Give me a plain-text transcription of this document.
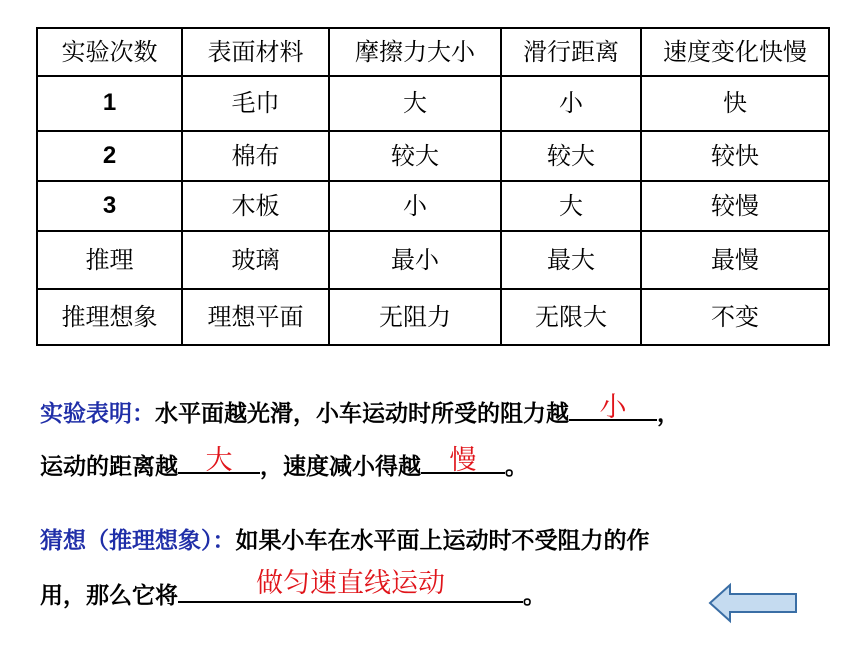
实验次数	表面材料	摩擦力大小	滑行距离	速度变化快慢
1	毛巾	大	小	快
2	棉布	较大	较大	较快
3	木板	小	大	较慢
推理	玻璃	最小	最大	最慢
推理想象	理想平面	无阻力	无限大	不变
实验表明：水平面越光滑，小车运动时所受的阻力越	小	，
运动的距离越	大	，速度减小得越	慢	。
猜想（推理想象）：如果小车在水平面上运动时不受阻力的作
用，那么它将	做匀速直线运动	。
